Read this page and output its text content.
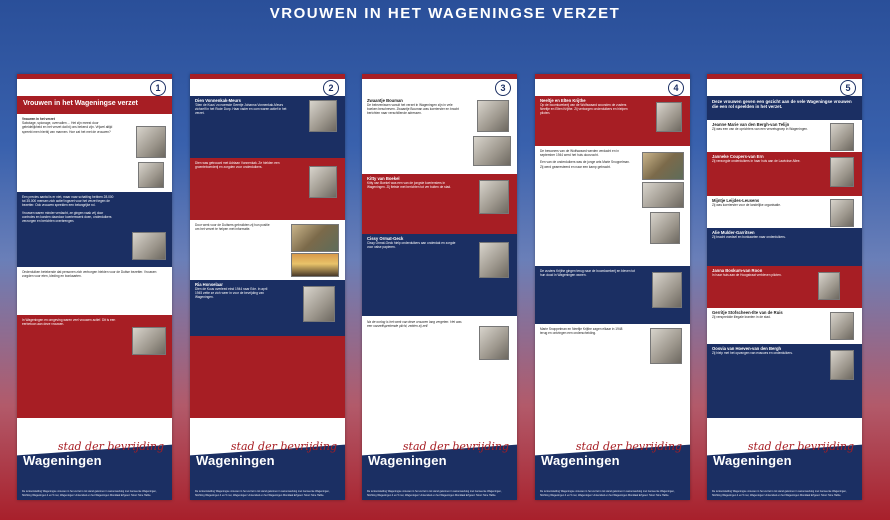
VROUWEN IN HET WAGENINGSE VERZET
1
Vrouwen in het Wageningse verzet
Vrouwen in het verzet
Sabotage, spionage, overvallen ... Het zijn meest door geleidelijkheid en het verzet dat bij ons bekend zijn. Vrijwel altijd spreekt men hierbij van mannen. Hoe zat het met de vrouwen?
Een precies aantal is er niet, maar naar schatting hebben 28.000 tot 35.000 mensen zich actief ingezet voor het verzet tegen de bezetter. Ook vrouwen speelden een belangrijke rol.
Vrouwen waren minder verdacht, ze gingen vaak vrij door controles en konden daardoor koerierswerk doen, onderduikers verzorgen en berichten overbrengen.
Onderduiken betekende dat personen zich verborgen hielden voor de Duitse bezetter. Vrouwen zorgden voor eten, kleding en bonkaarten.
In Wageningen en omgeving waren veel vrouwen actief. Dit is een eerbetoon aan deze vrouwen.
stad der bevrijding
Wageningen
De tentoonstelling Wageningse vrouwen in het verzet is tot stand gekomen in samenwerking met Gemeente Wageningen, Stichting Wageningen 4 en 5 mei, Wageningen Universiteit en het Wageningen Mondiaal Erfgoed. Tekst: Nine Halbe.
2
Dien Vonnenkak-Meurs
'Dien de Kuus' zo noemde Geertje Johanna Vonnenkak-Meurs zichzelf in het Rode Dorp. Haar vader en oom waren actief in het verzet.
Dien was getrouwd met Adriaan Vonnenkak. Ze hielden een groenteboerderij en zorgden voor onderduikers.
Door werk voor de Duitsers gebruikten zij hun positie om het verzet te helpen met informatie.
Ria Honselaar
Dien de Kuus overleed eind 1944 naar Ede. In april 1945 zette ze zich weer in voor de bevrijding van Wageningen.
stad der bevrijding
Wageningen
De tentoonstelling Wageningse vrouwen in het verzet is tot stand gekomen in samenwerking met Gemeente Wageningen, Stichting Wageningen 4 en 5 mei, Wageningen Universiteit en het Wageningen Mondiaal Erfgoed. Tekst: Nine Halbe.
3
Zwaantje Bouman
De belevenissen vanuit het verzet in Wageningen zijn in vele boeken beschreven. Zwaantje Bouman was koerierster en bracht berichten naar verschillende adressen.
Kitty van Boekel
Kitty van Boekel was een van de jongste koeriersters in Wageningen. Zij fietste met berichten tot ver buiten de stad.
Cissy Ormat-Geck
Cissy Ormat-Geck hielp onderduikers aan onderdak en zorgde voor valse papieren.
Na de oorlog is het werk van deze vrouwen lang vergeten. Het was een vanzelfsprekende plicht, zeiden zij zelf.
stad der bevrijding
Wageningen
De tentoonstelling Wageningse vrouwen in het verzet is tot stand gekomen in samenwerking met Gemeente Wageningen, Stichting Wageningen 4 en 5 mei, Wageningen Universiteit en het Wageningen Mondiaal Erfgoed. Tekst: Nine Halbe.
4
Neeltje en Elten Krijthe
Op de boomkwekerij van de Wolfswaard woonden de zusters Neeltje en Elten Krijthe. Zij verborgen onderduikers en hielpen piloten.
De bewoners van de Wolfswaard werden verdacht en in september 1944 werd het huis doorzocht.
Een van de onderduikers was de jonge arts Marie Snoppelman. Zij werd gearresteerd en naar een kamp gebracht.
De zusters Krijthe gingen terug naar de boomkwekerij en bleven tot hun dood in Wageningen wonen.
Marie Snoppelman en Neeltje Krijthe zagen elkaar in 1948 terug en ontvingen een onderscheiding.
stad der bevrijding
Wageningen
De tentoonstelling Wageningse vrouwen in het verzet is tot stand gekomen in samenwerking met Gemeente Wageningen, Stichting Wageningen 4 en 5 mei, Wageningen Universiteit en het Wageningen Mondiaal Erfgoed. Tekst: Nine Halbe.
5
Deze vrouwen geven een gezicht aan de vele Wageningse vrouwen die een rol speelden in het verzet.
Jeanne Marie van den Bergh-van Telijn
Zij was een van de oprichters van een verzetsgroep in Wageningen.
Janneke Coupers-van Ern
Zij verzorgde onderduikers in haar huis aan de Lawickse Allee.
Mijntje Leijdes-Leusens
Zij was koerierster voor de landelijke organisatie.
Alie Mulder-Garritsen
Zij bracht voedsel en bonkaarten naar onderduikers.
Janna Boskum-van Roon
In haar huis aan de Hoogstraat verbleven piloten.
Gerritje Stofscheen-Ilte van de Ruis
Zij verspreidde illegale kranten in de stad.
Oosvia van Hoeven-van den Bergh
Zij hielp met het opvangen van evacues en onderduikers.
stad der bevrijding
Wageningen
De tentoonstelling Wageningse vrouwen in het verzet is tot stand gekomen in samenwerking met Gemeente Wageningen, Stichting Wageningen 4 en 5 mei, Wageningen Universiteit en het Wageningen Mondiaal Erfgoed. Tekst: Nine Halbe.
